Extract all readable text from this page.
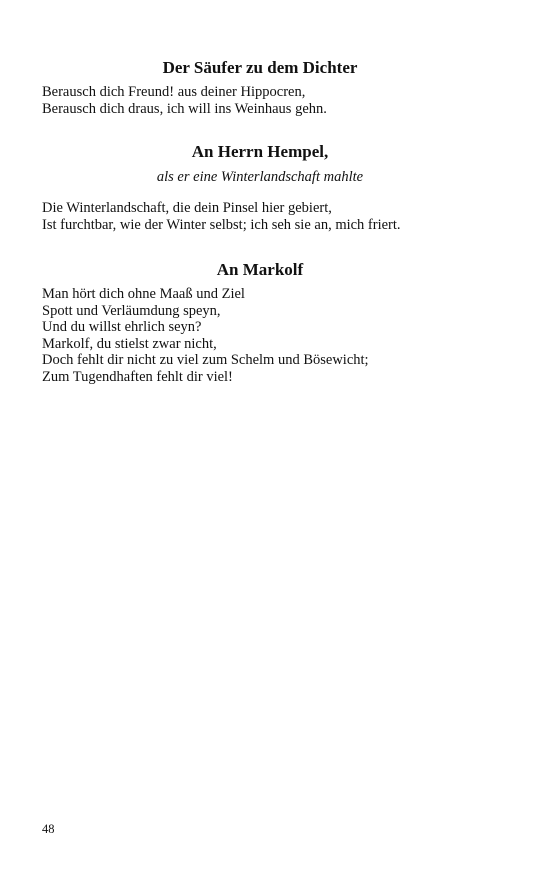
Der Säufer zu dem Dichter
Berausch dich Freund! aus deiner Hippocren,
Berausch dich draus, ich will ins Weinhaus gehn.
An Herrn Hempel,
als er eine Winterlandschaft mahlte
Die Winterlandschaft, die dein Pinsel hier gebiert,
Ist furchtbar, wie der Winter selbst; ich seh sie an, mich friert.
An Markolf
Man hört dich ohne Maaß und Ziel
Spott und Verläumdung speyn,
Und du willst ehrlich seyn?
Markolf, du stielst zwar nicht,
Doch fehlt dir nicht zu viel zum Schelm und Bösewicht;
Zum Tugendhaften fehlt dir viel!
48
